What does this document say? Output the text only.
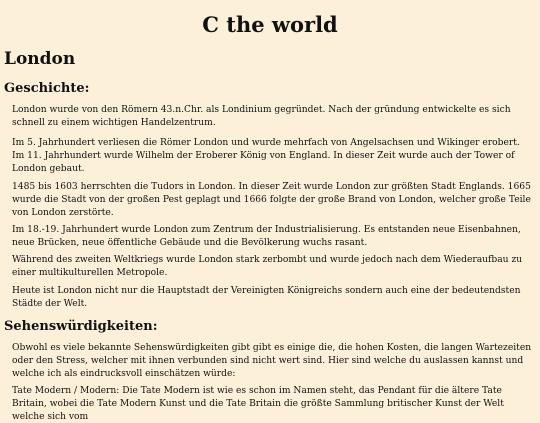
C the world
London
Geschichte:

London wurde von den Römern 43.n.Chr. als Londinium gegründet. Nach der gründung entwickelte es sich schnell zu einem wichtigen Handelzentrum.

Im 5. Jahrhundert verliesen die Römer London und wurde mehrfach von Angelsachsen und Wikinger erobert. Im 11. Jahrhundert wurde Wilhelm der Eroberer König von England. In dieser Zeit wurde auch der Tower of London gebaut.

1485 bis 1603 herrschten die Tudors in London. In dieser Zeit wurde London zur größten Stadt Englands. 1665 wurde die Stadt von der großen Pest geplagt und 1666 folgte der große Brand von London, welcher große Teile von London zerstörte.

Im 18.-19. Jahrhundert wurde London zum Zentrum der Industrialisierung. Es entstanden neue Eisenbahnen, neue Brücken, neue öffentliche Gebäude und die Bevölkerung wuchs rasant.

Während des zweiten Weltkriegs wurde London stark zerbombt und wurde jedoch nach dem Wiederaufbau zu einer multikulturellen Metropole.

Heute ist London nicht nur die Hauptstadt der Vereinigten Königreichs sondern auch eine der bedeutendsten Städte der Welt.

Sehenswürdigkeiten:

Obwohl es viele bekannte Sehenswürdigkeiten gibt gibt es einige die, die hohen Kosten, die langen Wartezeiten oder den Stress, welcher mit ihnen verbunden sind nicht wert sind. Hier sind welche du auslassen kannst und welche ich als eindrucksvoll einschätzen würde:

Tate Modern / Modern: Die Tate Modern ist wie es schon im Namen steht, das Pendant für die ältere Tate Britain, wobei die Tate Modern Kunst und die Tate Britain die größte Sammlung britischer Kunst der Welt welche sich vom
